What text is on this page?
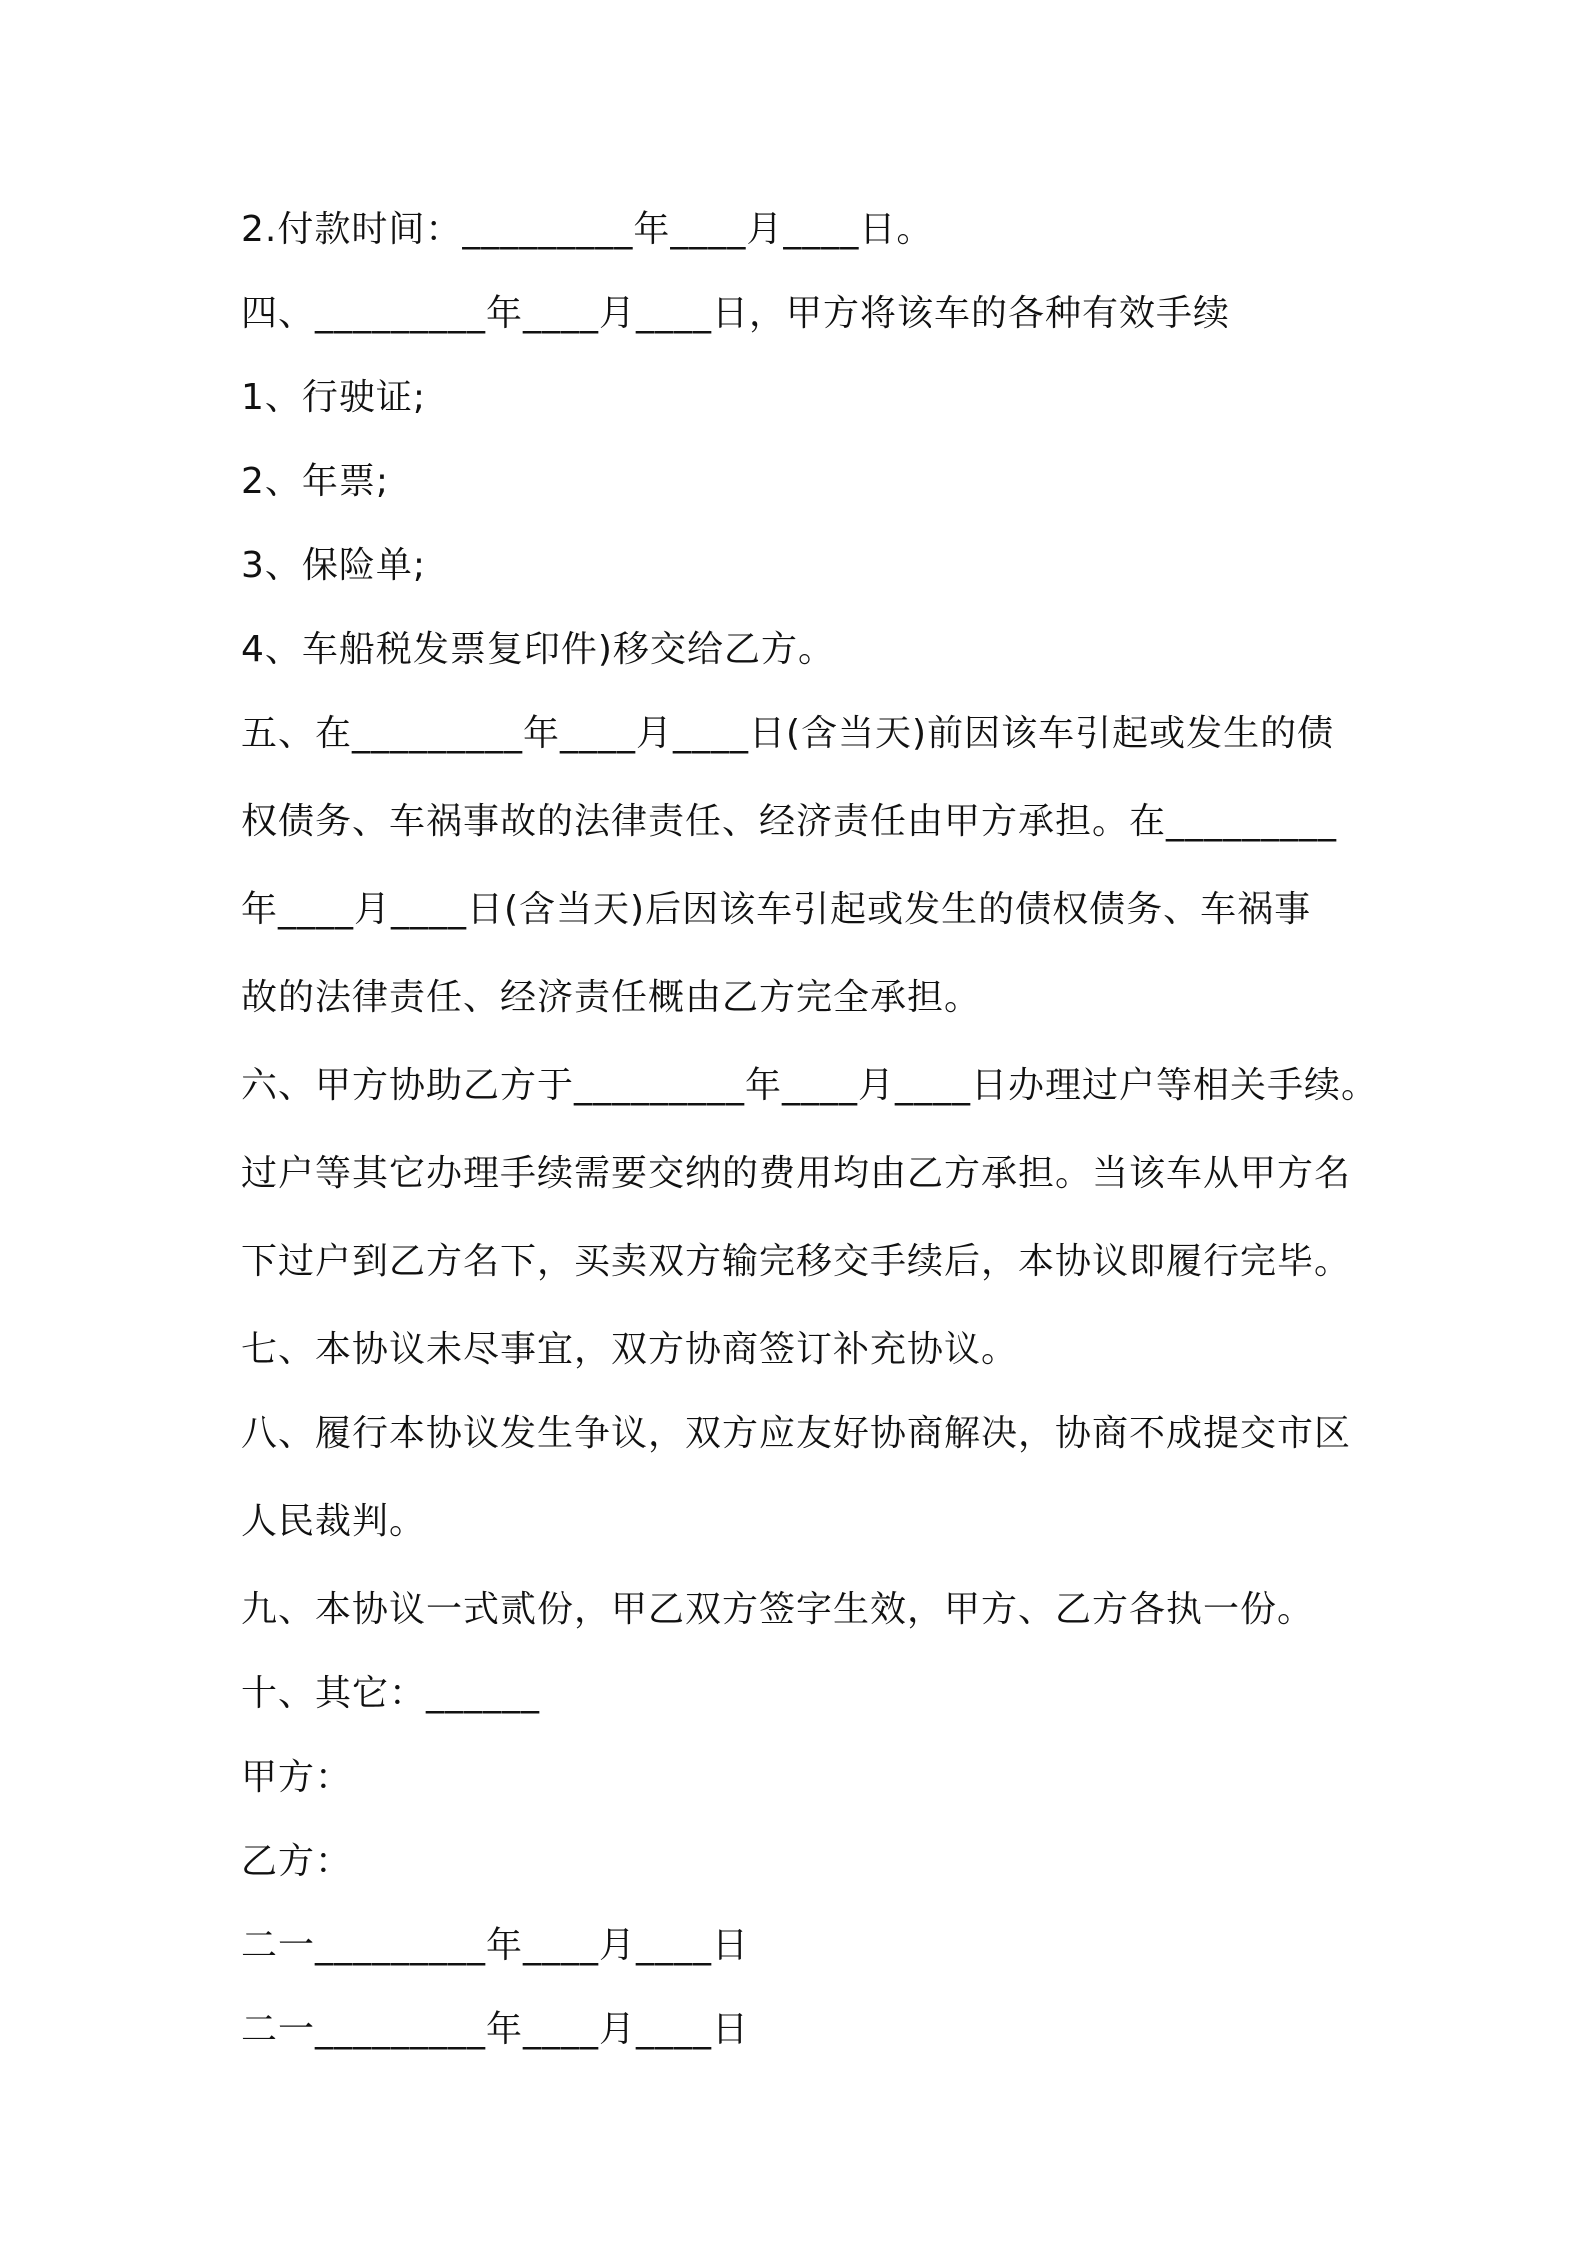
2.付款时间：_________年____月____日。
四、_________年____月____日，甲方将该车的各种有效手续
1、行驶证;
2、年票;
3、保险单;
4、车船税发票复印件)移交给乙方。
五、在_________年____月____日(含当天)前因该车引起或发生的债
权债务、车祸事故的法律责任、经济责任由甲方承担。在_________
年____月____日(含当天)后因该车引起或发生的债权债务、车祸事
故的法律责任、经济责任概由乙方完全承担。
六、甲方协助乙方于_________年____月____日办理过户等相关手续。
过户等其它办理手续需要交纳的费用均由乙方承担。当该车从甲方名
下过户到乙方名下，买卖双方输完移交手续后，本协议即履行完毕。
七、本协议未尽事宜，双方协商签订补充协议。
八、履行本协议发生争议，双方应友好协商解决，协商不成提交市区
人民裁判。
九、本协议一式贰份，甲乙双方签字生效，甲方、乙方各执一份。
十、其它：______
甲方：
乙方：
二一_________年____月____日
二一_________年____月____日
